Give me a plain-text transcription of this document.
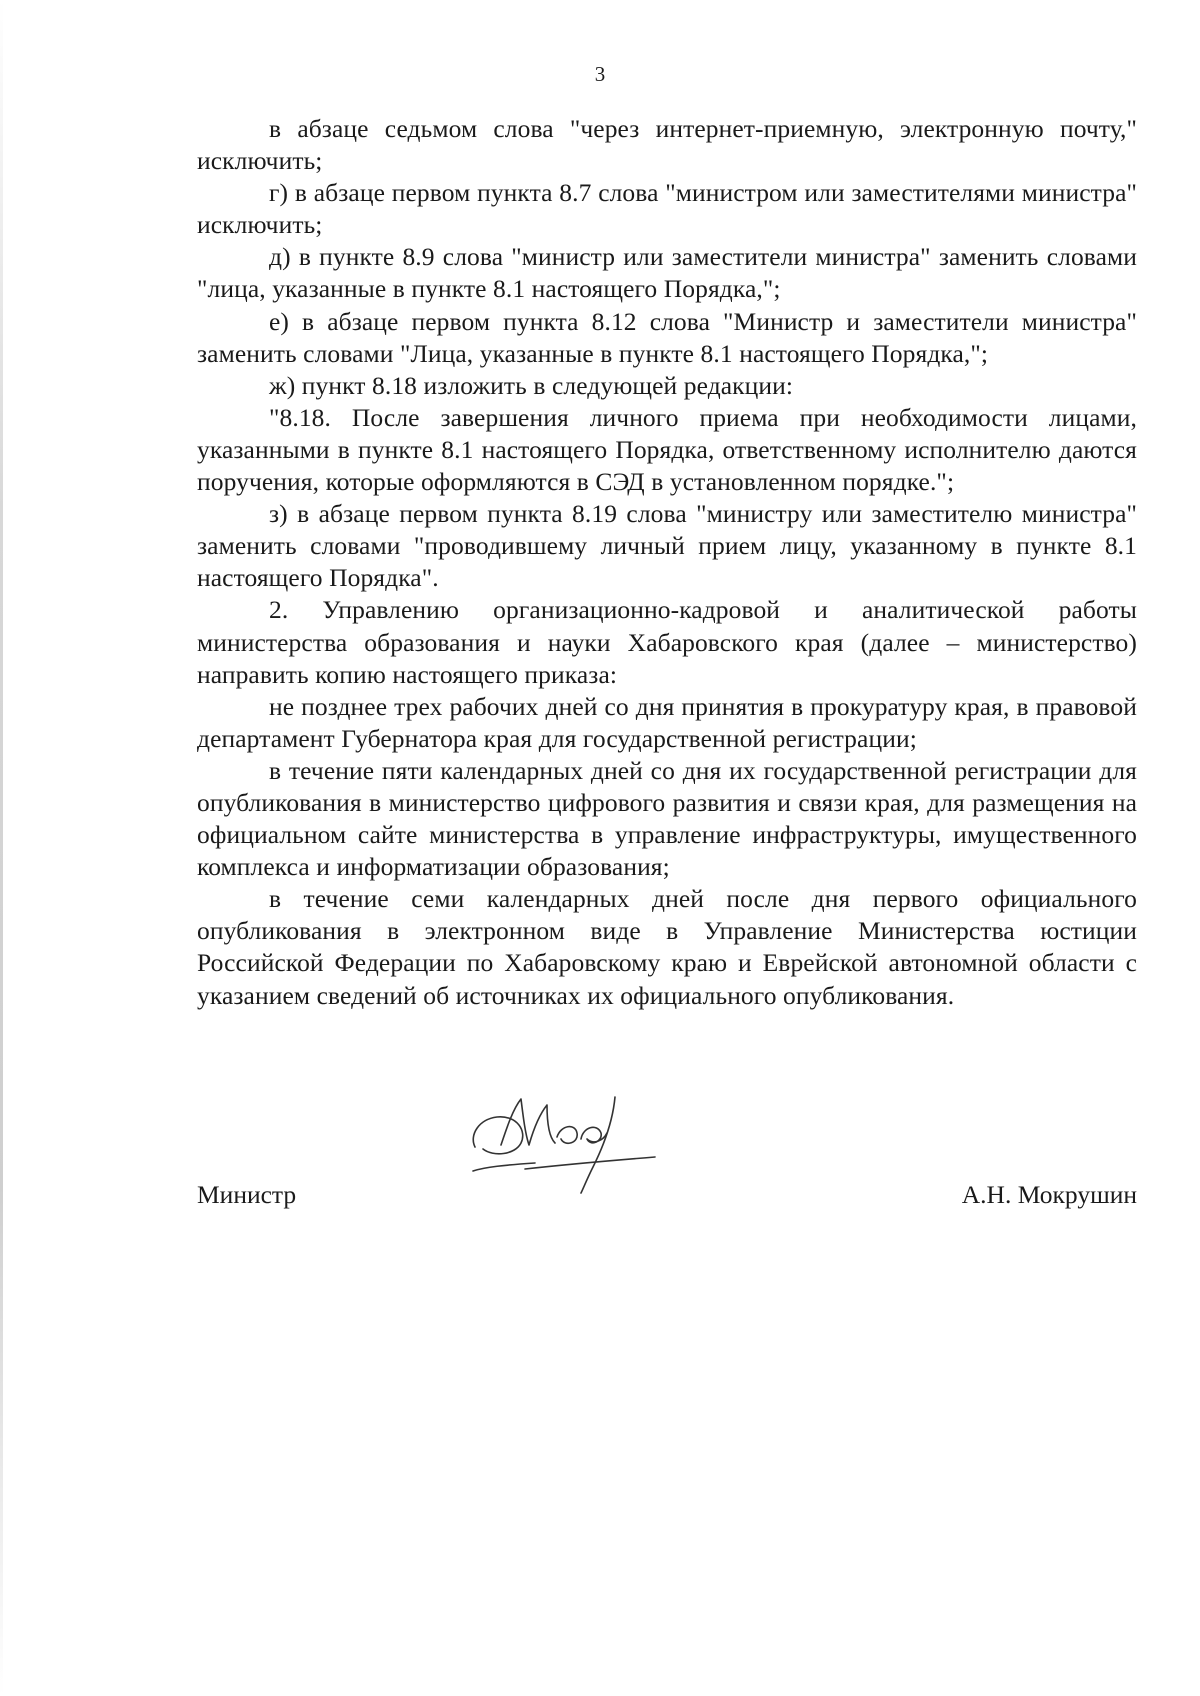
3

в абзаце седьмом слова "через интернет-приемную, электронную почту," исключить;

г) в абзаце первом пункта 8.7 слова "министром или заместителями министра" исключить;

д) в пункте 8.9 слова "министр или заместители министра" заменить словами "лица, указанные в пункте 8.1 настоящего Порядка,";

е) в абзаце первом пункта 8.12 слова "Министр и заместители министра" заменить словами "Лица, указанные в пункте 8.1 настоящего Порядка,";

ж) пункт 8.18 изложить в следующей редакции:

"8.18. После завершения личного приема при необходимости лицами, указанными в пункте 8.1 настоящего Порядка, ответственному исполнителю даются поручения, которые оформляются в СЭД в установленном порядке.";

з) в абзаце первом пункта 8.19 слова "министру или заместителю министра" заменить словами "проводившему личный прием лицу, указанному в пункте 8.1 настоящего Порядка".

2. Управлению организационно-кадровой и аналитической работы министерства образования и науки Хабаровского края (далее – министерство) направить копию настоящего приказа:

не позднее трех рабочих дней со дня принятия в прокуратуру края, в правовой департамент Губернатора края для государственной регистрации;

в течение пяти календарных дней со дня их государственной регистрации для опубликования в министерство цифрового развития и связи края, для размещения на официальном сайте министерства в управление инфраструктуры, имущественного комплекса и информатизации образования;

в течение семи календарных дней после дня первого официального опубликования в электронном виде в Управление Министерства юстиции Российской Федерации по Хабаровскому краю и Еврейской автономной области с указанием сведений об источниках их официального опубликования.

Министр	А.Н. Мокрушин
